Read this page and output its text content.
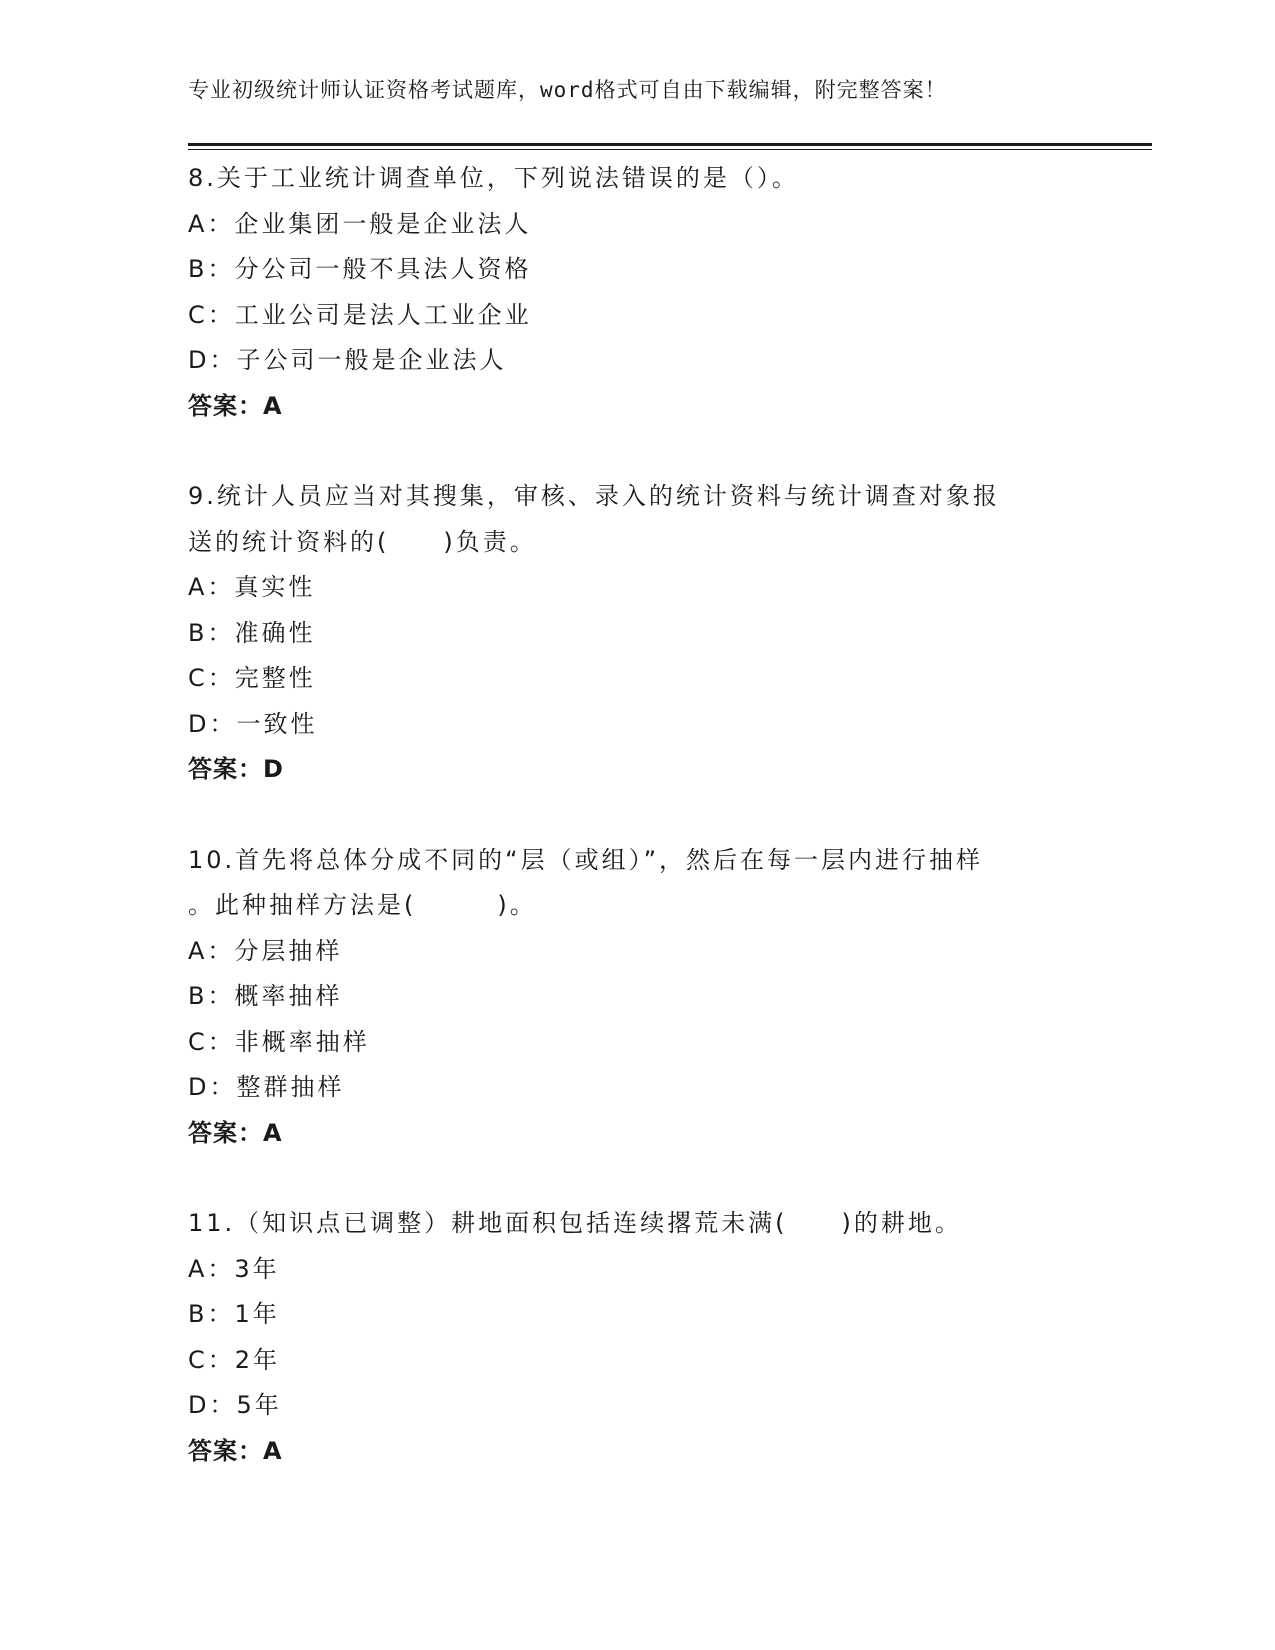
专业初级统计师认证资格考试题库，word格式可自由下载编辑，附完整答案！
8.关于工业统计调查单位，下列说法错误的是（）。
A：企业集团一般是企业法人
B：分公司一般不具法人资格
C：工业公司是法人工业企业
D：子公司一般是企业法人
答案：A
9.统计人员应当对其搜集，审核、录入的统计资料与统计调查对象报
送的统计资料的(　　)负责。
A：真实性
B：准确性
C：完整性
D：一致性
答案：D
10.首先将总体分成不同的“层（或组）”，然后在每一层内进行抽样
。此种抽样方法是(　　　)。
A：分层抽样
B：概率抽样
C：非概率抽样
D：整群抽样
答案：A
11.（知识点已调整）耕地面积包括连续撂荒未满(　　)的耕地。
A：3年
B：1年
C：2年
D：5年
答案：A
